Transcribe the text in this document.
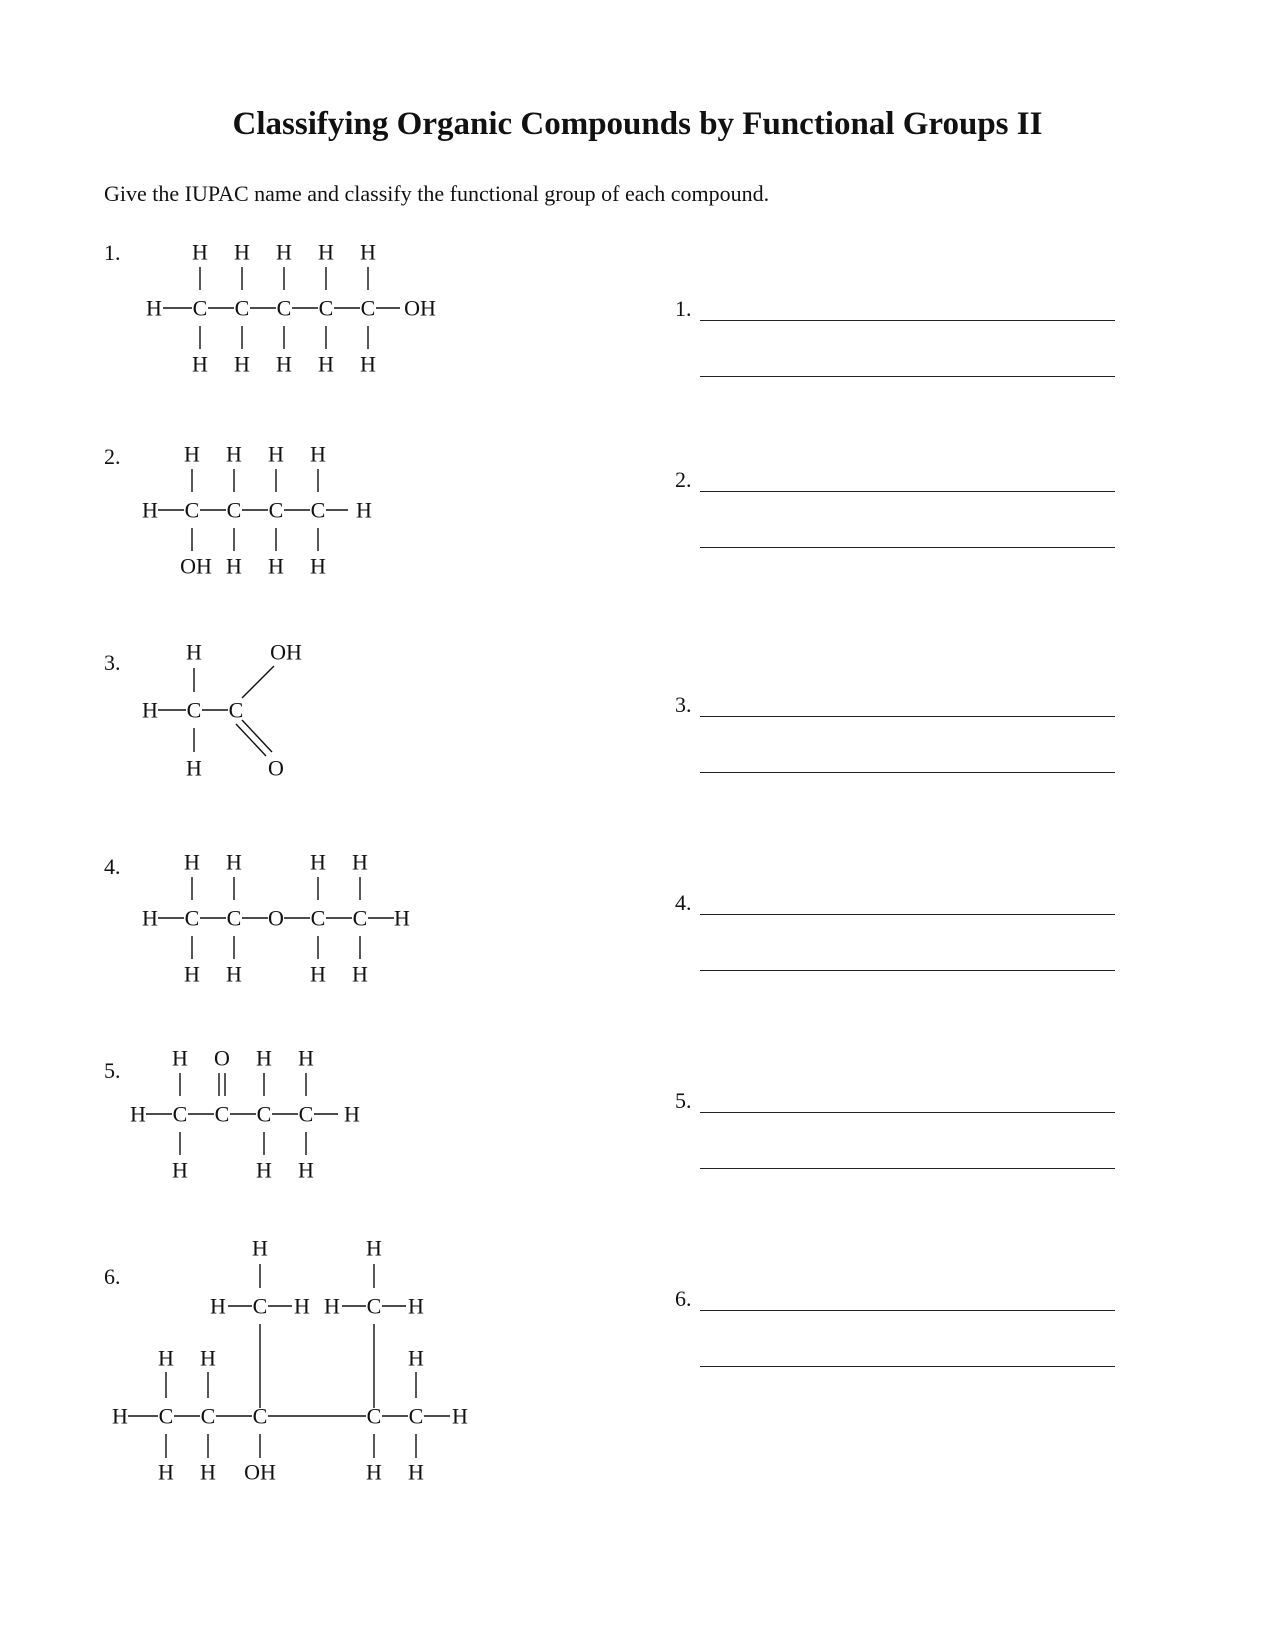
Classifying Organic Compounds by Functional Groups II

Give the IUPAC name and classify the functional group of each compound.

1.
2.
3.
4.
5.
6.
1.
2.
3.
4.
5.
6.
H C C C C C OH
H H H H H
H H H H H
H C C C C H
H H H H
OH H H H
H C C
H
H
OH
O
H C C O C C H
H H	H H
H H	H H
H C C C C H
H O H H
H	H H
H
H C H
H
H C H
H H	H
H C C C	C C H
H H OH	H H
